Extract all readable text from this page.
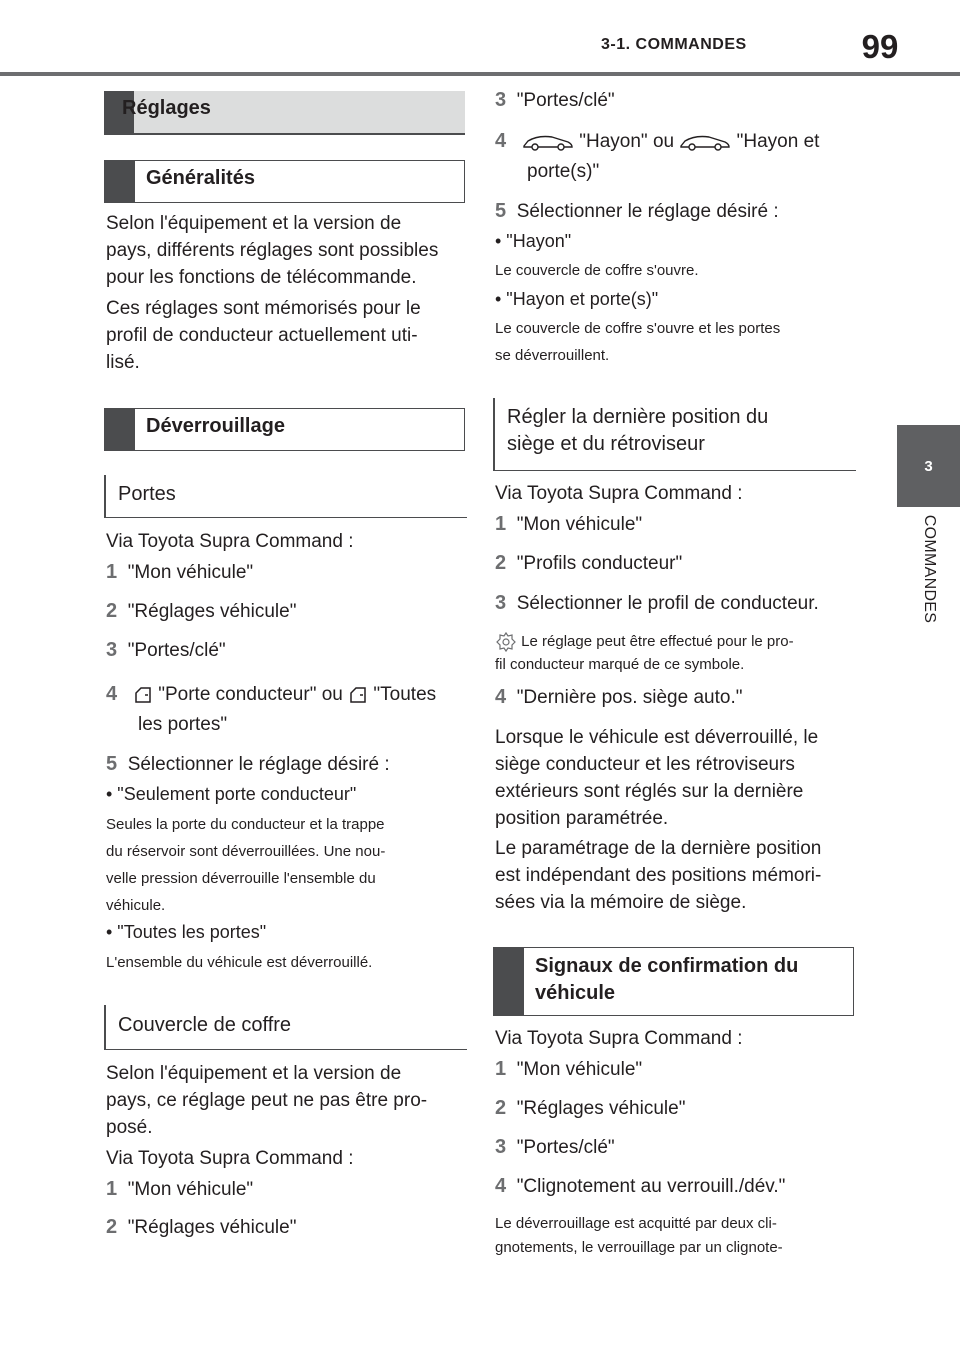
3-1. COMMANDES	99
3
COMMANDES
Réglages
Généralités
Selon l'équipement et la version de
pays, différents réglages sont possibles
pour les fonctions de télécommande.
Ces réglages sont mémorisés pour le
profil de conducteur actuellement uti-
lisé.
Déverrouillage
Portes
Via Toyota Supra Command :
1 "Mon véhicule"
2 "Réglages véhicule"
3 "Portes/clé"
4 "Porte conducteur" ou "Toutes
les portes"
5 Sélectionner le réglage désiré :
• "Seulement porte conducteur"
Seules la porte du conducteur et la trappe
du réservoir sont déverrouillées. Une nou-
velle pression déverrouille l'ensemble du
véhicule.
• "Toutes les portes"
L'ensemble du véhicule est déverrouillé.
Couvercle de coffre
Selon l'équipement et la version de
pays, ce réglage peut ne pas être pro-
posé.
Via Toyota Supra Command :
1 "Mon véhicule"
2 "Réglages véhicule"
3 "Portes/clé"
4	"Hayon" ou	"Hayon et
porte(s)"
5 Sélectionner le réglage désiré :
• "Hayon"
Le couvercle de coffre s'ouvre.
• "Hayon et porte(s)"
Le couvercle de coffre s'ouvre et les portes
se déverrouillent.
Régler la dernière position du
siège et du rétroviseur
Via Toyota Supra Command :
1 "Mon véhicule"
2 "Profils conducteur"
3 Sélectionner le profil de conducteur.
Le réglage peut être effectué pour le pro-
fil conducteur marqué de ce symbole.
4 "Dernière pos. siège auto."
Lorsque le véhicule est déverrouillé, le
siège conducteur et les rétroviseurs
extérieurs sont réglés sur la dernière
position paramétrée.
Le paramétrage de la dernière position
est indépendant des positions mémori-
sées via la mémoire de siège.
Signaux de confirmation du
véhicule
Via Toyota Supra Command :
1 "Mon véhicule"
2 "Réglages véhicule"
3 "Portes/clé"
4 "Clignotement au verrouill./dév."
Le déverrouillage est acquitté par deux cli-
gnotements, le verrouillage par un clignote-
